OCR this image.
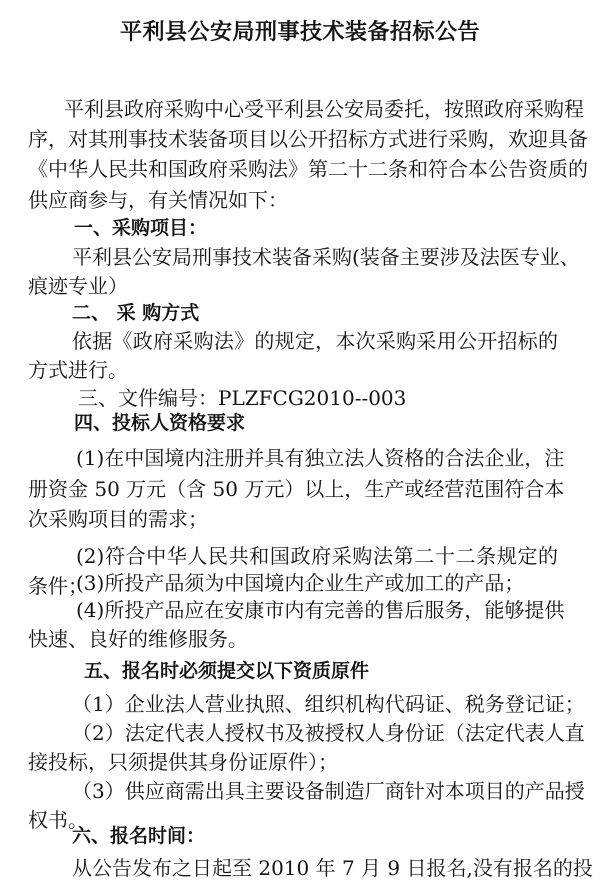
平利县公安局刑事技术装备招标公告
平利县政府采购中心受平利县公安局委托，按照政府采购程
序，对其刑事技术装备项目以公开招标方式进行采购，欢迎具备
《中华人民共和国政府采购法》第二十二条和符合本公告资质的
供应商参与，有关情况如下：
一、采购项目：
平利县公安局刑事技术装备采购(装备主要涉及法医专业、
痕迹专业）
二、 采 购方式
依据《政府采购法》的规定，本次采购采用公开招标的
方式进行。
三、文件编号：PLZFCG2010--003
四、投标人资格要求
(1)在中国境内注册并具有独立法人资格的合法企业，注
册资金 50 万元（含 50 万元）以上，生产或经营范围符合本
次采购项目的需求；
(2)符合中华人民共和国政府采购法第二十二条规定的
条件；
(3)所投产品须为中国境内企业生产或加工的产品；
(4)所投产品应在安康市内有完善的售后服务，能够提供
快速、良好的维修服务。
五、报名时必须提交以下资质原件
（1）企业法人营业执照、组织机构代码证、税务登记证；
（2）法定代表人授权书及被授权人身份证（法定代表人直
接投标，只须提供其身份证原件）；
（3）供应商需出具主要设备制造厂商针对本项目的产品授
权书。
六、报名时间：
从公告发布之日起至 2010 年 7 月 9 日报名,没有报名的投
